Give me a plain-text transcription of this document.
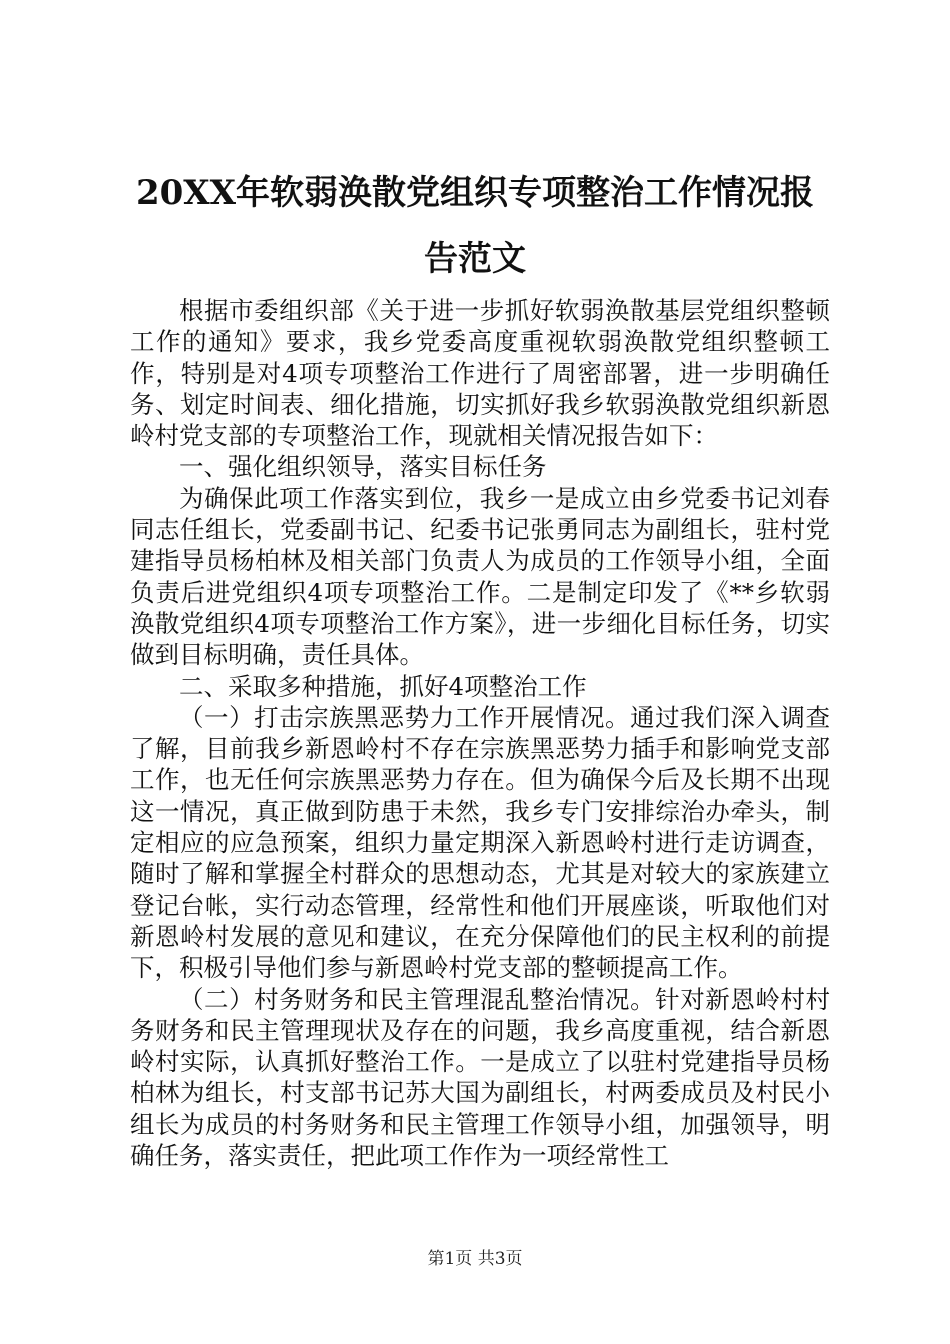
20XX年软弱涣散党组织专项整治工作情况报告范文

根据市委组织部《关于进一步抓好软弱涣散基层党组织整顿工作的通知》要求，我乡党委高度重视软弱涣散党组织整顿工作，特别是对4项专项整治工作进行了周密部署，进一步明确任务、划定时间表、细化措施，切实抓好我乡软弱涣散党组织新恩岭村党支部的专项整治工作，现就相关情况报告如下：

一、强化组织领导，落实目标任务

为确保此项工作落实到位，我乡一是成立由乡党委书记刘春同志任组长，党委副书记、纪委书记张勇同志为副组长，驻村党建指导员杨柏林及相关部门负责人为成员的工作领导小组，全面负责后进党组织4项专项整治工作。二是制定印发了《**乡软弱涣散党组织4项专项整治工作方案》，进一步细化目标任务，切实做到目标明确，责任具体。

二、采取多种措施，抓好4项整治工作

（一）打击宗族黑恶势力工作开展情况。通过我们深入调查了解，目前我乡新恩岭村不存在宗族黑恶势力插手和影响党支部工作，也无任何宗族黑恶势力存在。但为确保今后及长期不出现这一情况，真正做到防患于未然，我乡专门安排综治办牵头，制定相应的应急预案，组织力量定期深入新恩岭村进行走访调查，随时了解和掌握全村群众的思想动态，尤其是对较大的家族建立登记台帐，实行动态管理，经常性和他们开展座谈，听取他们对新恩岭村发展的意见和建议，在充分保障他们的民主权利的前提下，积极引导他们参与新恩岭村党支部的整顿提高工作。

（二）村务财务和民主管理混乱整治情况。针对新恩岭村村务财务和民主管理现状及存在的问题，我乡高度重视，结合新恩岭村实际，认真抓好整治工作。一是成立了以驻村党建指导员杨柏林为组长，村支部书记苏大国为副组长，村两委成员及村民小组长为成员的村务财务和民主管理工作领导小组，加强领导，明确任务，落实责任，把此项工作作为一项经常性工

第1页 共3页
